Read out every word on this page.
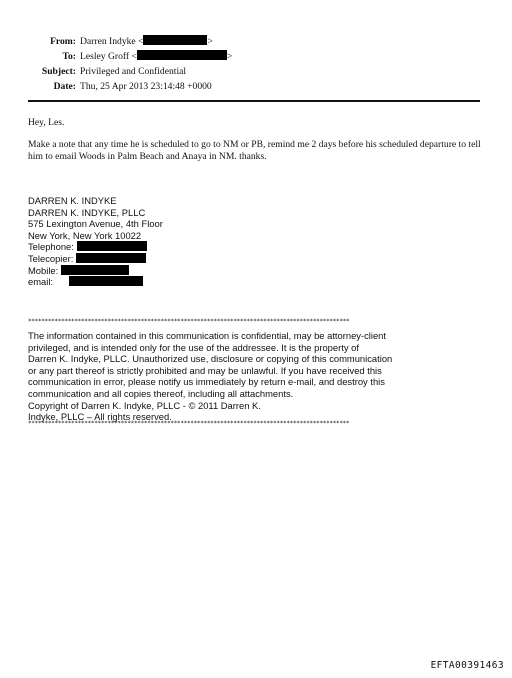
From: Darren Indyke <	>
To: Lesley Groff <	>
Subject: Privileged and Confidential
Date: Thu, 25 Apr 2013 23:14:48 +0000
Hey, Les.
Make a note that any time he is scheduled to go to NM or PB, remind me 2 days before his scheduled departure to tell him to email Woods in Palm Beach and Anaya in NM. thanks.
DARREN K. INDYKE
DARREN K. INDYKE, PLLC
575 Lexington Avenue, 4th Floor
New York, New York 10022
Telephone:
Telecopier:
Mobile:
email:
*************************************************************************************************
The information contained in this communication is confidential, may be attorney-client
privileged, and is intended only for the use of the addressee. It is the property of
Darren K. Indyke, PLLC. Unauthorized use, disclosure or copying of this communication
or any part thereof is strictly prohibited and may be unlawful. If you have received this
communication in error, please notify us immediately by return e-mail, and destroy this
communication and all copies thereof, including all attachments.
Copyright of Darren K. Indyke, PLLC - © 2011 Darren K.
Indyke, PLLC – All rights reserved.
*************************************************************************************************
EFTA00391463
